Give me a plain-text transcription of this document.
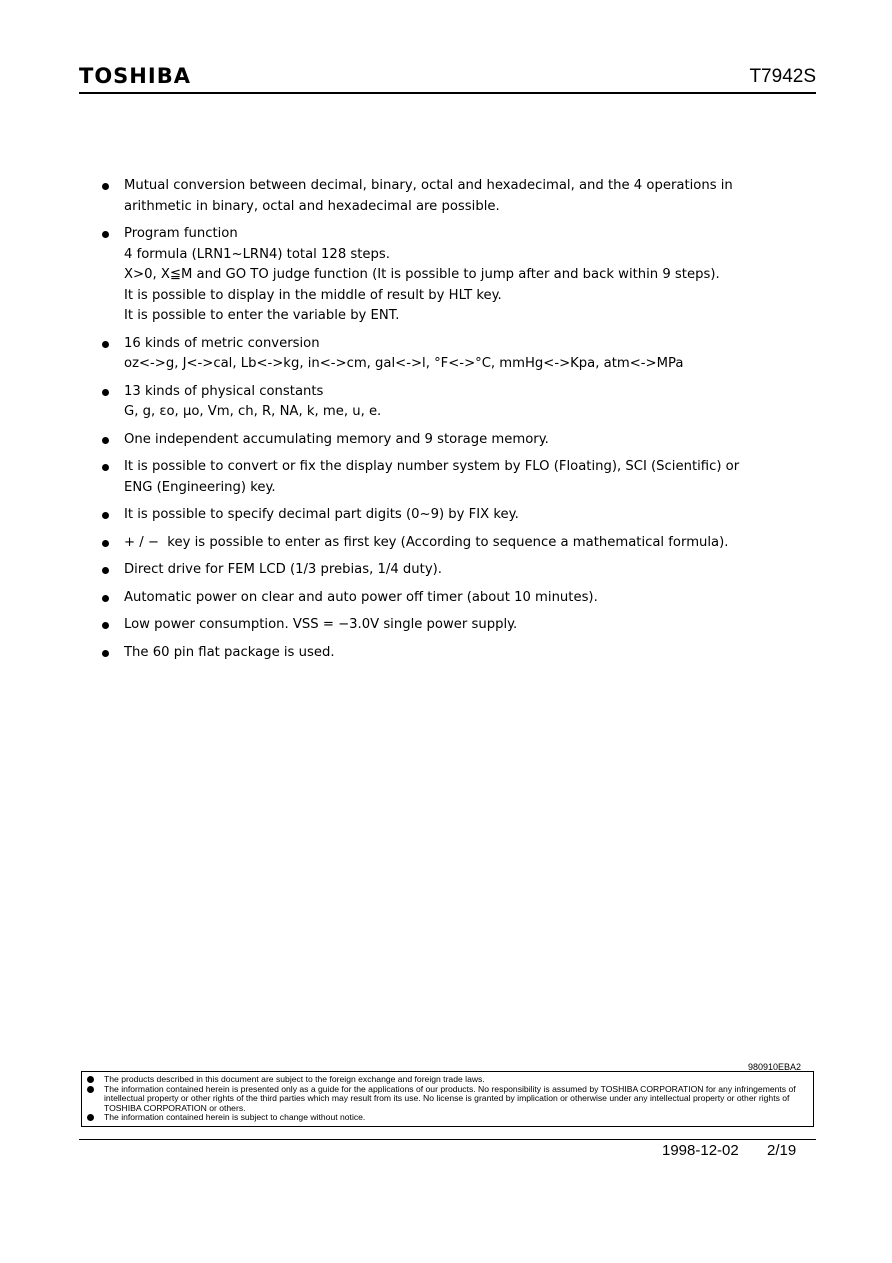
TOSHIBA	T7942S
Mutual conversion between decimal, binary, octal and hexadecimal, and the 4 operations in
arithmetic in binary, octal and hexadecimal are possible.
Program function
4 formula (LRN1~LRN4) total 128 steps.
X>0, X≦M and GO TO judge function (It is possible to jump after and back within 9 steps).
It is possible to display in the middle of result by HLT key.
It is possible to enter the variable by ENT.
16 kinds of metric conversion
oz<->g, J<->cal, Lb<->kg, in<->cm, gal<->l, °F<->°C, mmHg<->Kpa, atm<->MPa
13 kinds of physical constants
G, g, εo, μo, Vm, ch, R, NA, k, me, u, e.
One independent accumulating memory and 9 storage memory.
It is possible to convert or fix the display number system by FLO (Floating), SCI (Scientific) or
ENG (Engineering) key.
It is possible to specify decimal part digits (0~9) by FIX key.
+ / −  key is possible to enter as first key (According to sequence a mathematical formula).
Direct drive for FEM LCD (1/3 prebias, 1/4 duty).
Automatic power on clear and auto power off timer (about 10 minutes).
Low power consumption. VSS = −3.0V single power supply.
The 60 pin flat package is used.
980910EBA2

The products described in this document are subject to the foreign exchange and foreign trade laws.

The information contained herein is presented only as a guide for the applications of our products. No responsibility is assumed by TOSHIBA CORPORATION for any infringements of intellectual property or other rights of the third parties which may result from its use. No license is granted by implication or otherwise under any intellectual property or other rights of TOSHIBA CORPORATION or others.

The information contained herein is subject to change without notice.

1998-12-02 2/19
